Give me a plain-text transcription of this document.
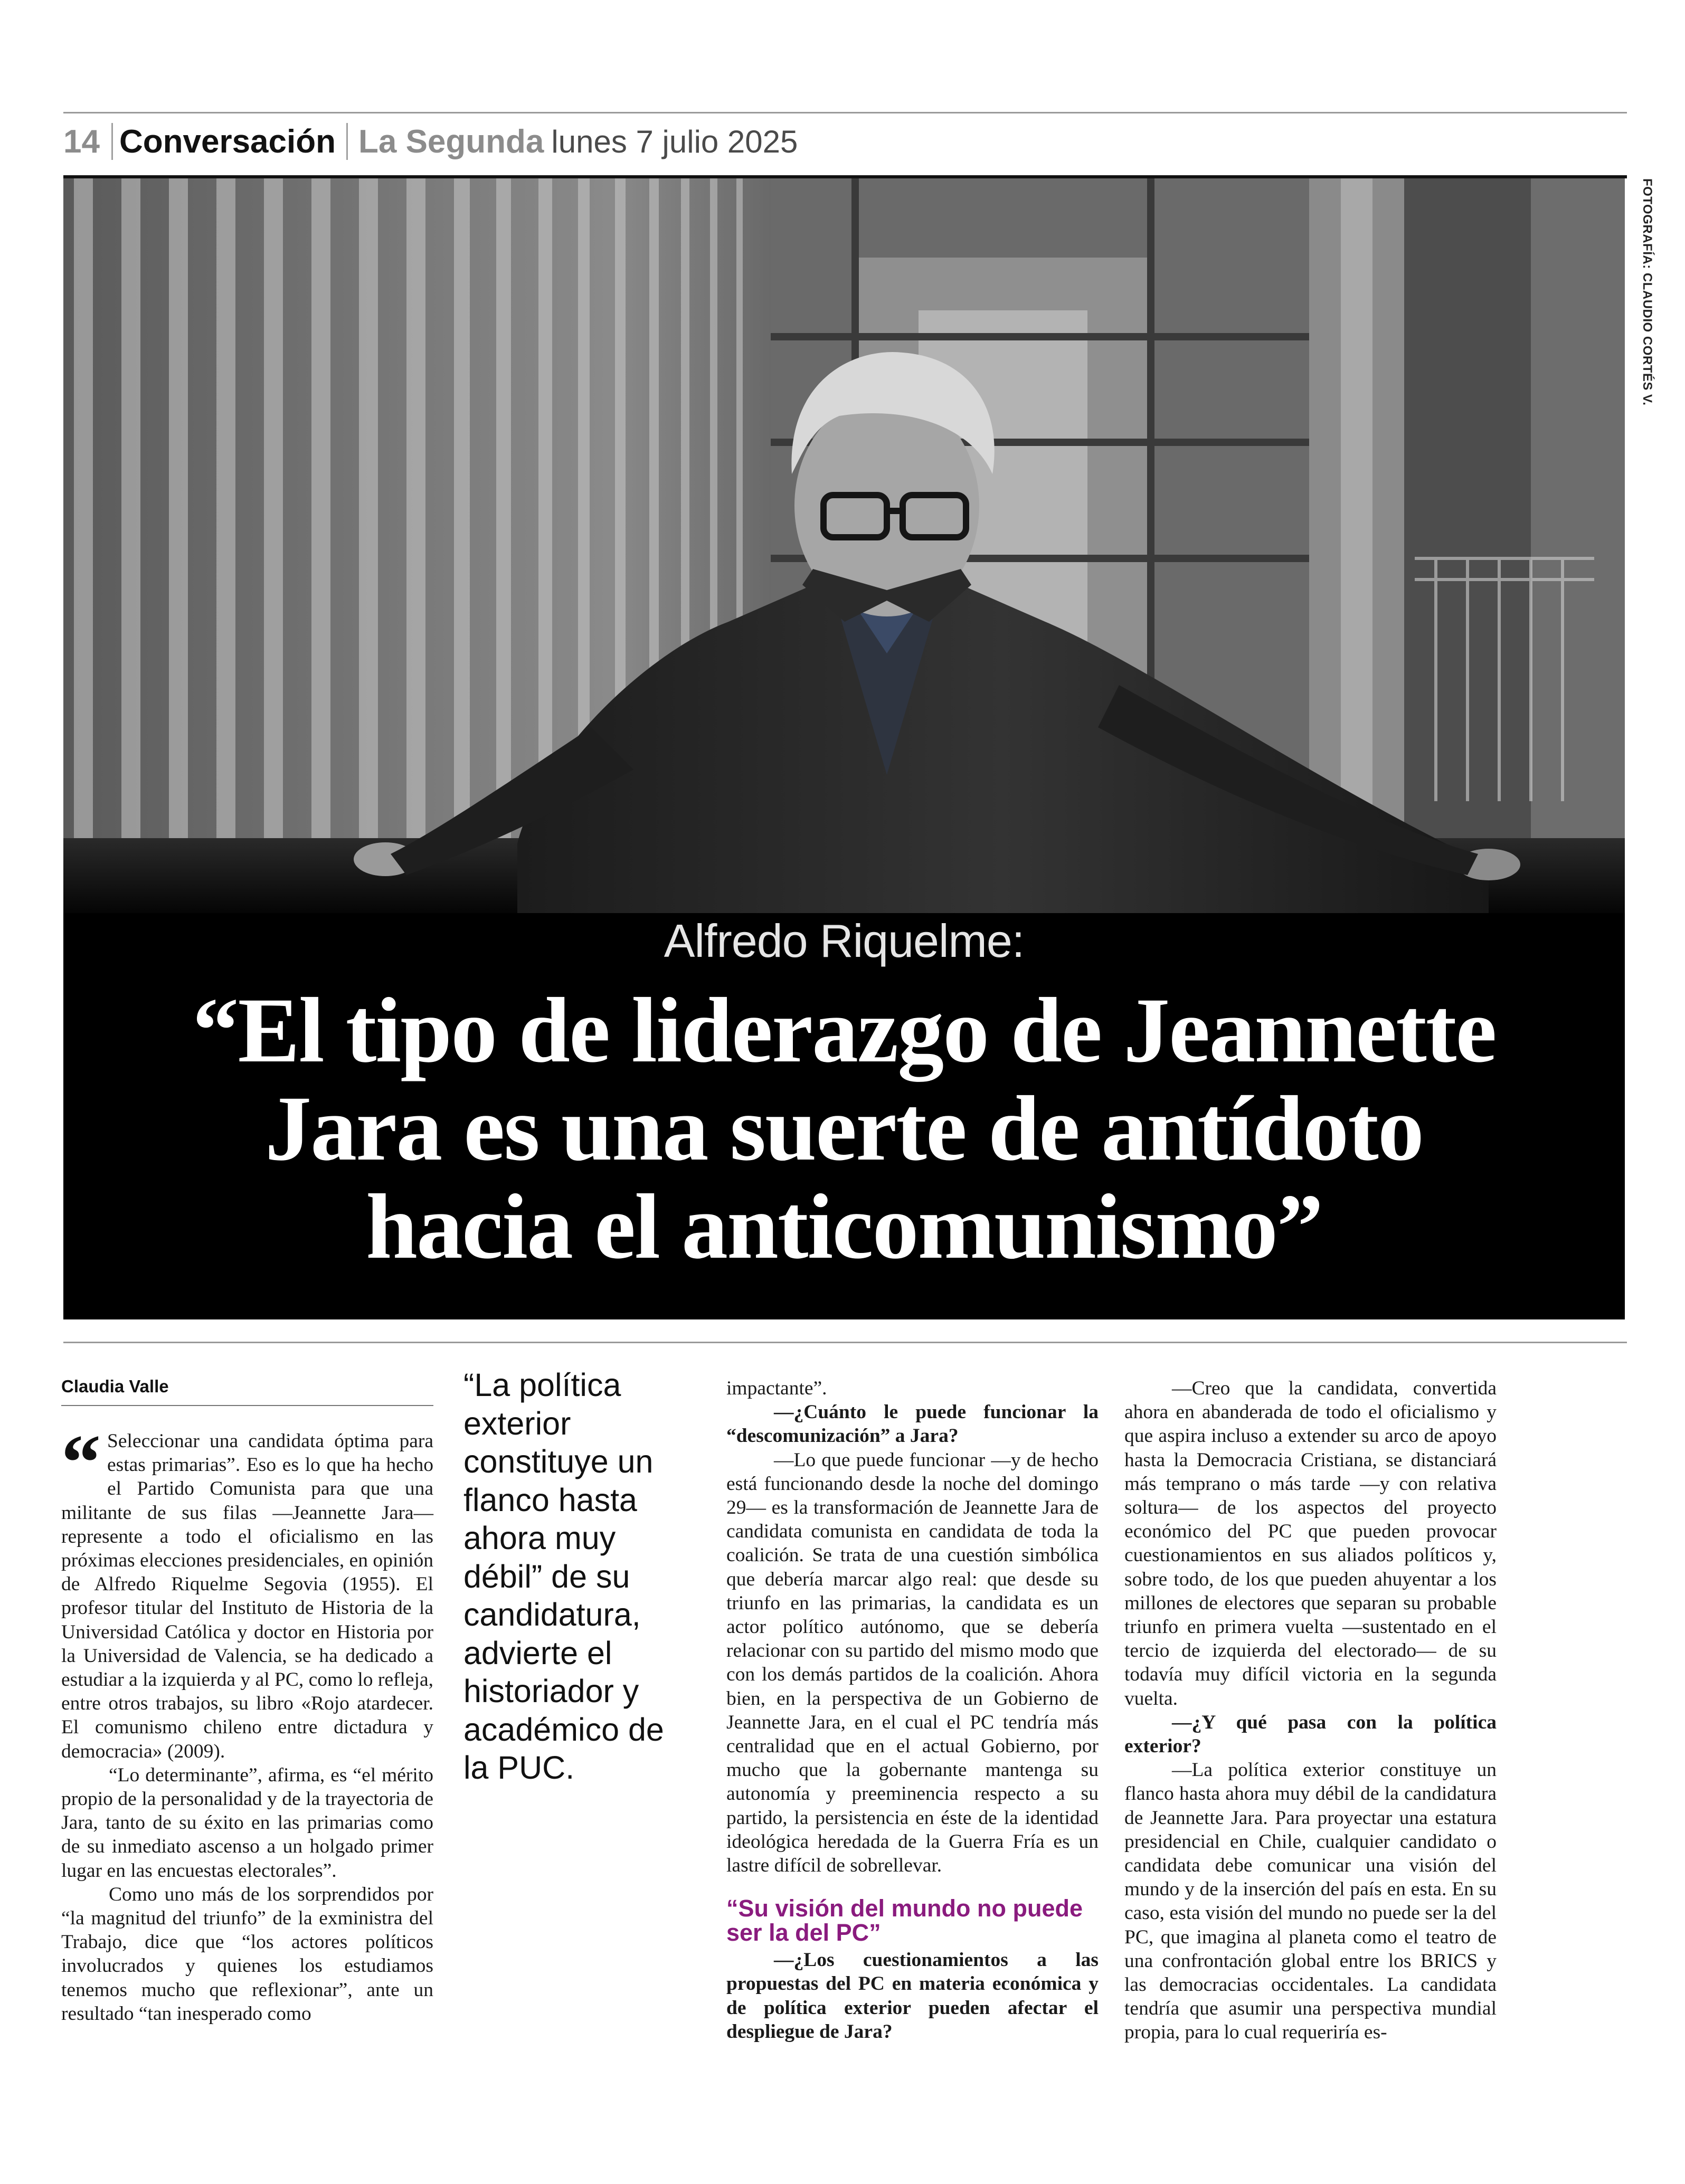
14 Conversación La Segunda lunes 7 julio 2025
FOTOGRAFÍA: CLAUDIO CORTÉS V.
Alfredo Riquelme:
“El tipo de liderazgo de Jeannette
Jara es una suerte de antídoto
hacia el anticomunismo”
Claudia Valle
“ Seleccionar una candidata óptima para estas primarias”. Eso es lo que ha hecho el Partido Comunista para que una militante de sus filas —Jeannette Jara— represente a todo el oficialismo en las próximas elecciones presidenciales, en opinión de Alfredo Riquelme Segovia (1955). El profesor titular del Instituto de Historia de la Universidad Católica y doctor en Historia por la Universidad de Valencia, se ha dedicado a estudiar a la izquierda y al PC, como lo refleja, entre otros trabajos, su libro «Rojo atardecer. El comunismo chileno entre dictadura y democracia» (2009).

“Lo determinante”, afirma, es “el mérito propio de la personalidad y de la trayectoria de Jara, tanto de su éxito en las primarias como de su inmediato ascenso a un holgado primer lugar en las encuestas electorales”.

Como uno más de los sorprendidos por “la magnitud del triunfo” de la exministra del Trabajo, dice que “los actores políticos involucrados y quienes los estudiamos tenemos mucho que reflexionar”, ante un resultado “tan inesperado como

“La política exterior constituye un flanco hasta ahora muy débil” de su candidatura, advierte el historiador y académico de la PUC.

impactante”.

—¿Cuánto le puede funcionar la “descomunización” a Jara?

—Lo que puede funcionar —y de hecho está funcionando desde la noche del domingo 29— es la transformación de Jeannette Jara de candidata comunista en candidata de toda la coalición. Se trata de una cuestión simbólica que debería marcar algo real: que desde su triunfo en las primarias, la candidata es un actor político autónomo, que se debería relacionar con su partido del mismo modo que con los demás partidos de la coalición. Ahora bien, en la perspectiva de un Gobierno de Jeannette Jara, en el cual el PC tendría más centralidad que en el actual Gobierno, por mucho que la gobernante mantenga su autonomía y preeminencia respecto a su partido, la persistencia en éste de la identidad ideológica heredada de la Guerra Fría es un lastre difícil de sobrellevar.

“Su visión del mundo no puede ser la del PC”

—¿Los cuestionamientos a las propuestas del PC en materia económica y de política exterior pueden afectar el despliegue de Jara?

—Creo que la candidata, convertida ahora en abanderada de todo el oficialismo y que aspira incluso a extender su arco de apoyo hasta la Democracia Cristiana, se distanciará más temprano o más tarde —y con relativa soltura— de los aspectos del proyecto económico del PC que pueden provocar cuestionamientos en sus aliados políticos y, sobre todo, de los que pueden ahuyentar a los millones de electores que separan su probable triunfo en primera vuelta —sustentado en el tercio de izquierda del electorado— de su todavía muy difícil victoria en la segunda vuelta.

—¿Y qué pasa con la política exterior?

—La política exterior constituye un flanco hasta ahora muy débil de la candidatura de Jeannette Jara. Para proyectar una estatura presidencial en Chile, cualquier candidato o candidata debe comunicar una visión del mundo y de la inserción del país en esta. En su caso, esta visión del mundo no puede ser la del PC, que imagina al planeta como el teatro de una confrontación global entre los BRICS y las democracias occidentales. La candidata tendría que asumir una perspectiva mundial propia, para lo cual requeriría es-
